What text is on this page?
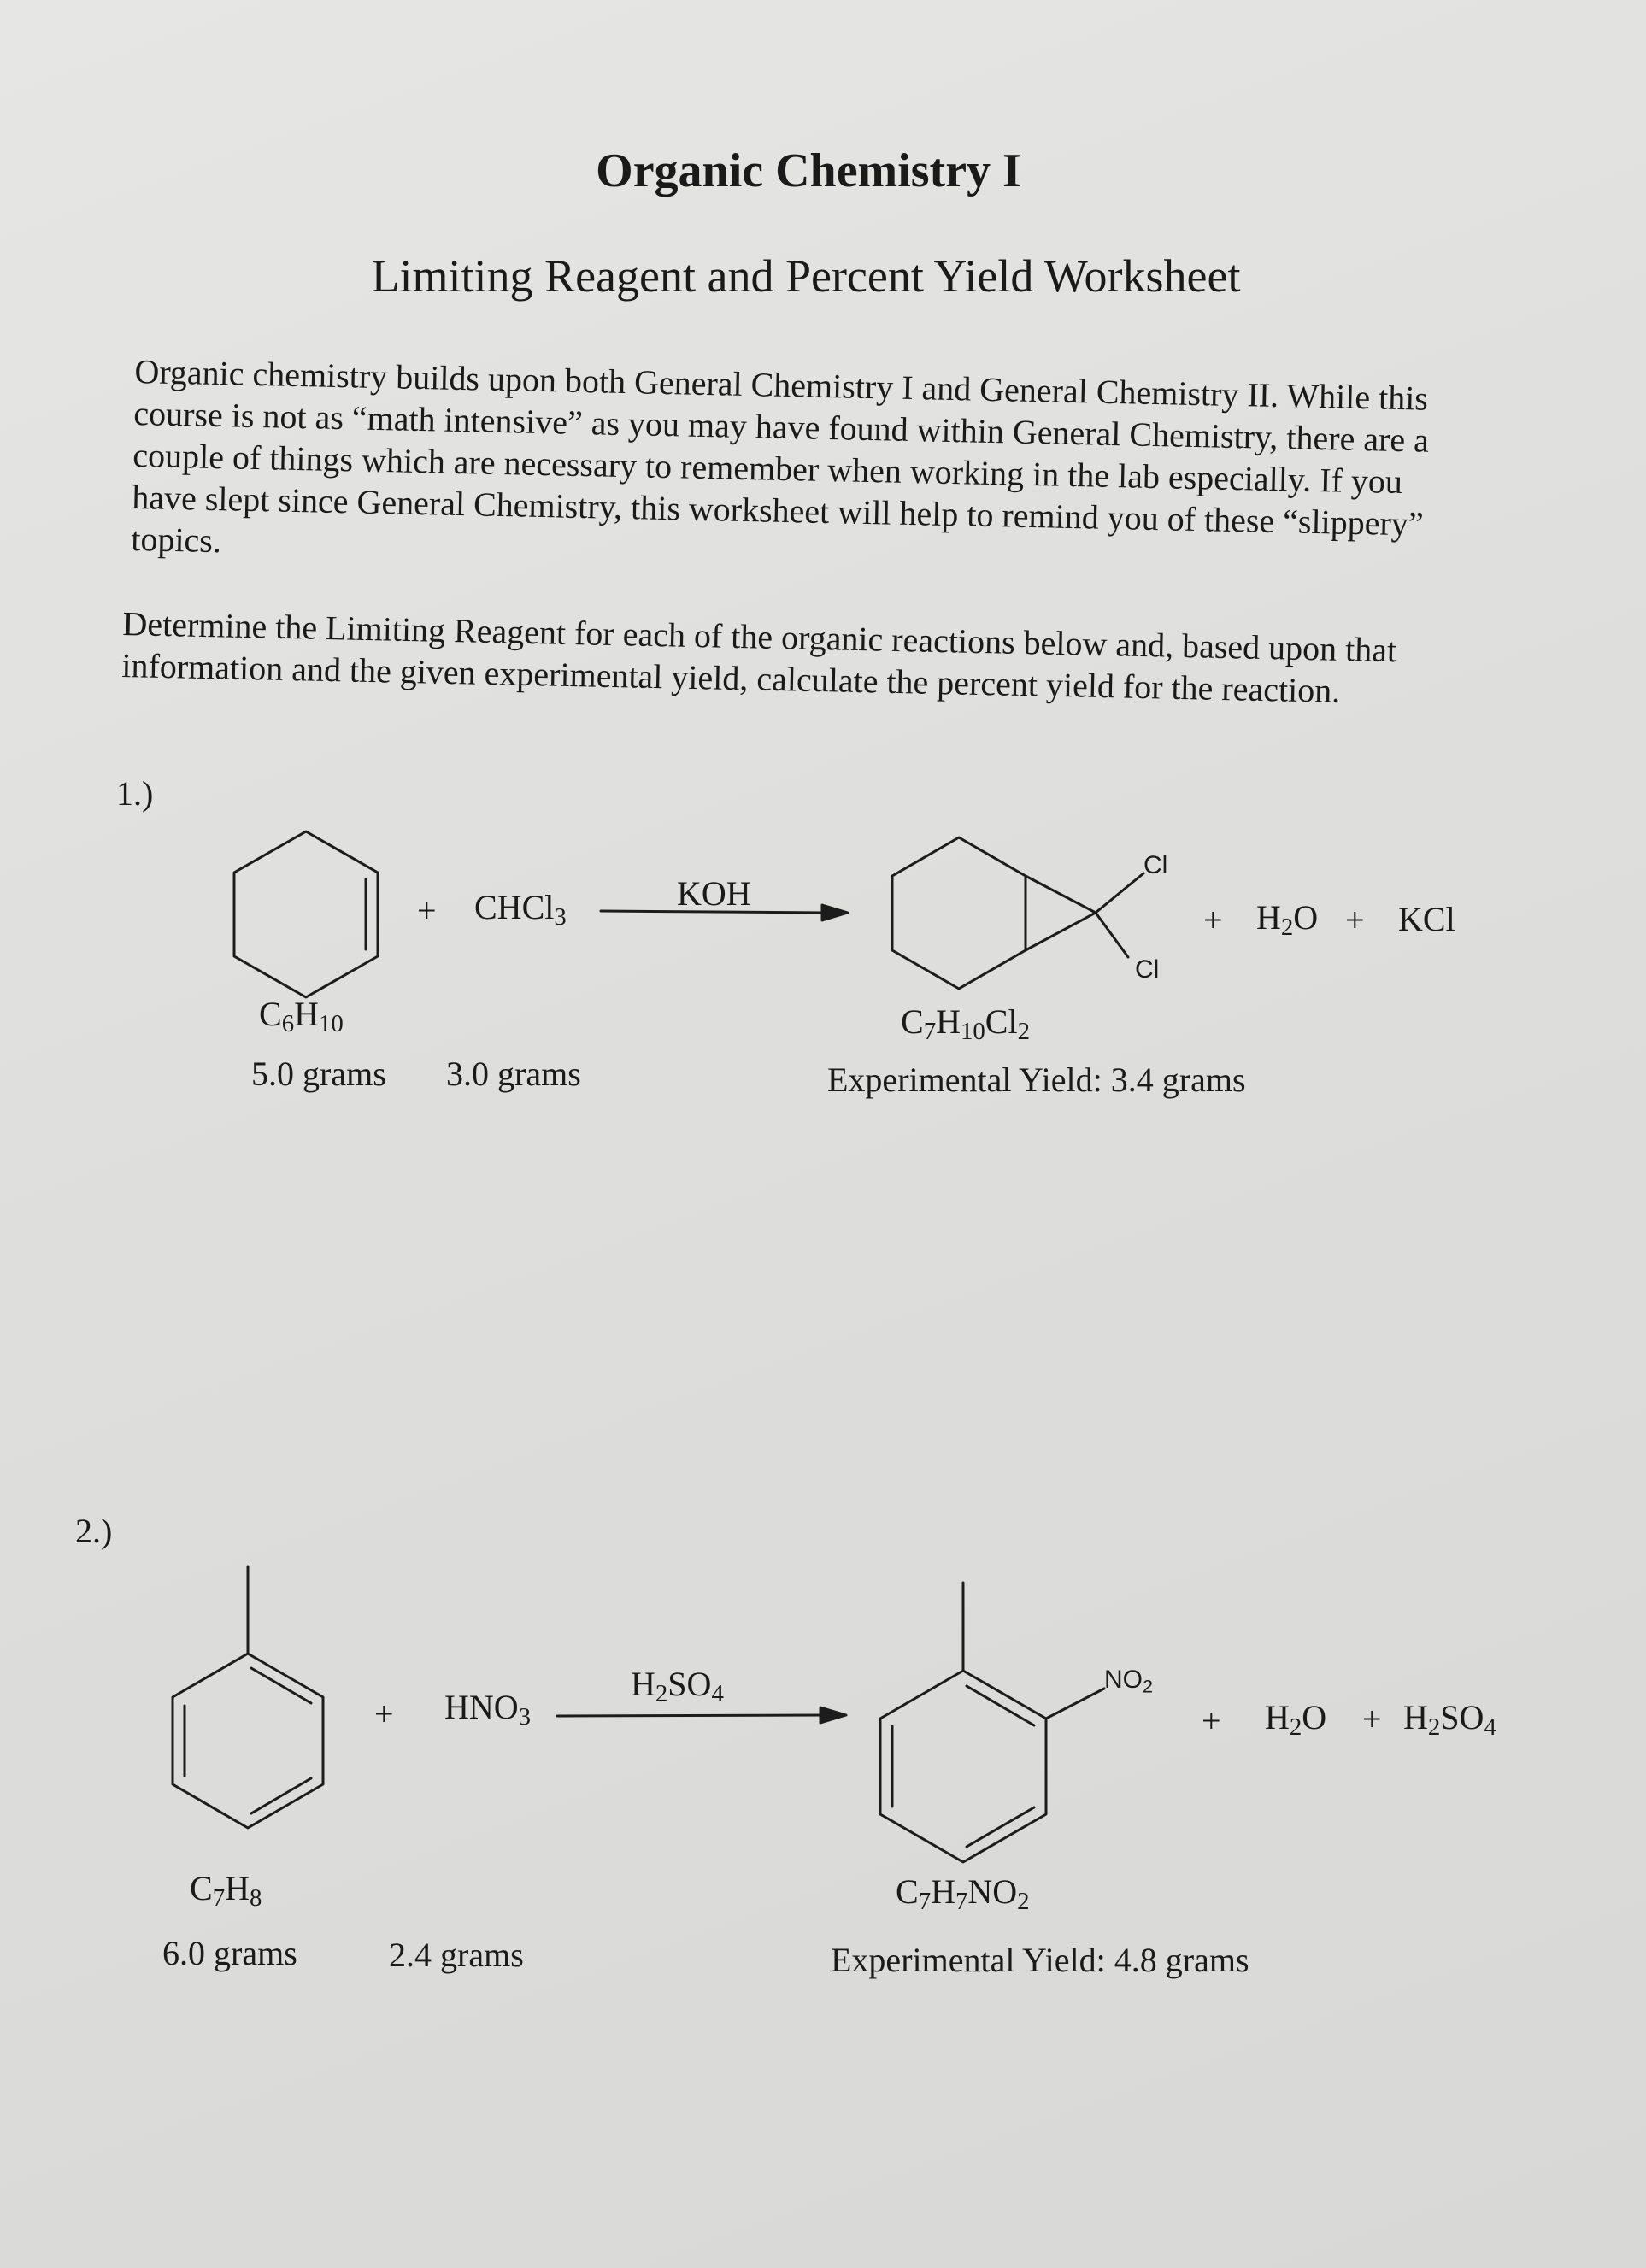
Organic Chemistry I
Limiting Reagent and Percent Yield Worksheet
Organic chemistry builds upon both General Chemistry I and General Chemistry II. While this course is not as “math intensive” as you may have found within General Chemistry, there are a couple of things which are necessary to remember when working in the lab especially. If you have slept since General Chemistry, this worksheet will help to remind you of these “slippery” topics.
Determine the Limiting Reagent for each of the organic reactions below and, based upon that information and the given experimental yield, calculate the percent yield for the reaction.
1.)
+ CHCl$_3$
KOH
Cl
Cl
+ $H_2O$ + KCl
$C_6H_{10}$
5.0 grams 3.0 grams
$C_7H_{10}Cl_2$
Experimental Yield: 3.4 grams
2.)
+ $HNO_3$
$H_2SO_4$
$NO_2$
+ $H_2O + H_2SO_4$
$C_7H_8$
6.0 grams	2.4 grams
$C_7H_7NO_2$
Experimental Yield: 4.8 grams
